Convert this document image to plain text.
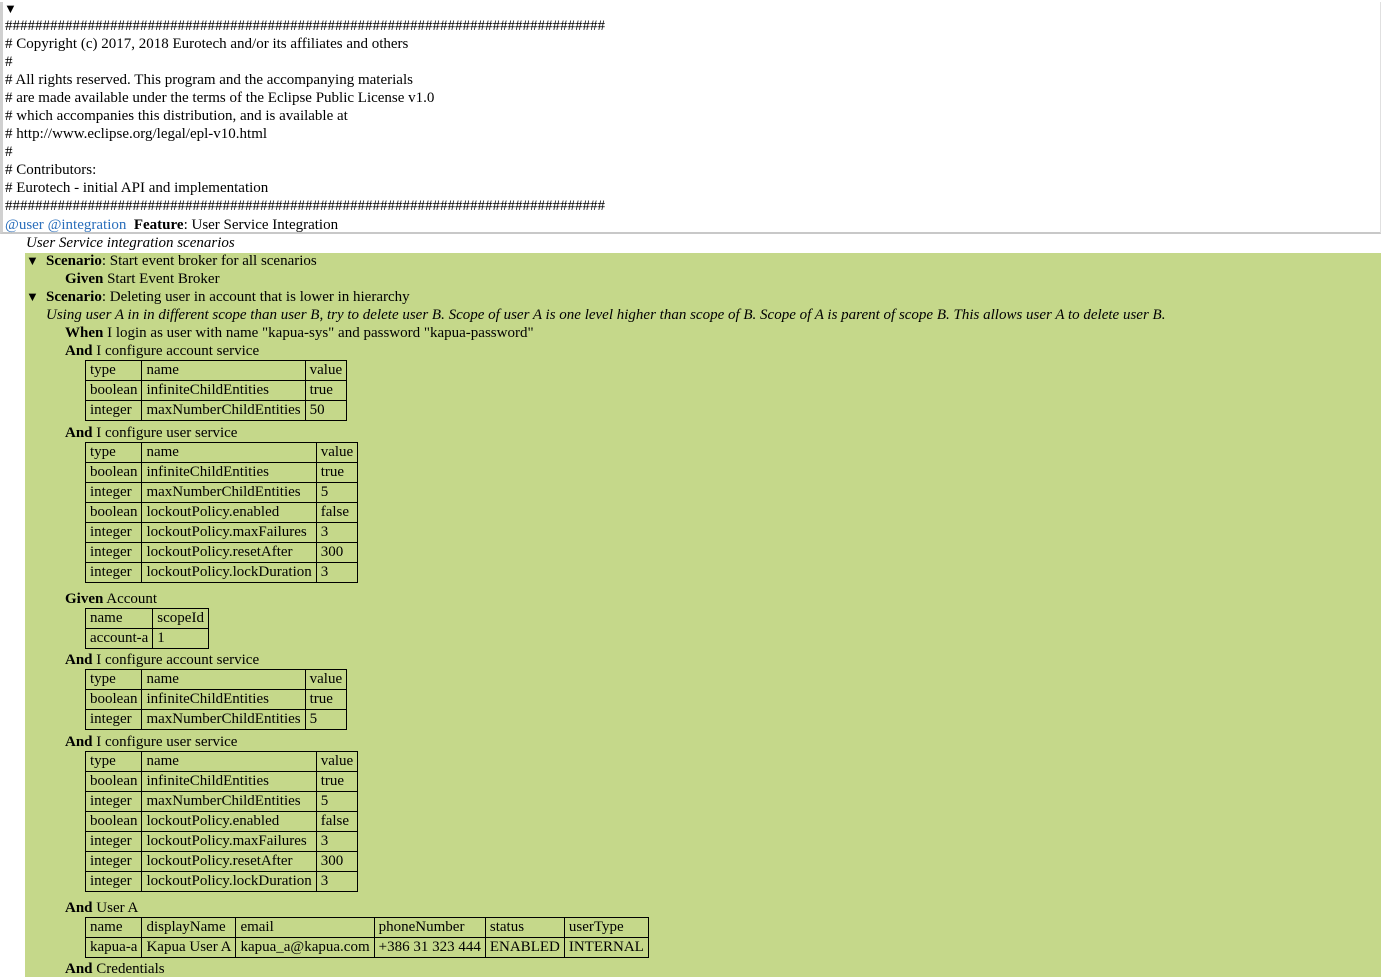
▼
################################################################################
# Copyright (c) 2017, 2018 Eurotech and/or its affiliates and others
#
# All rights reserved. This program and the accompanying materials
# are made available under the terms of the Eclipse Public License v1.0
# which accompanies this distribution, and is available at
# http://www.eclipse.org/legal/epl-v10.html
#
# Contributors:
# Eurotech - initial API and implementation
################################################################################
@user @integration Feature: User Service Integration
User Service integration scenarios
▼ Scenario: Start event broker for all scenarios
Given Start Event Broker
▼ Scenario: Deleting user in account that is lower in hierarchy
Using user A in in different scope than user B, try to delete user B. Scope of user A is one level higher than scope of B. Scope of A is parent of scope B. This allows user A to delete user B.
When I login as user with name "kapua-sys" and password "kapua-password"
And I configure account service
type	name	value
boolean	infiniteChildEntities	true
integer	maxNumberChildEntities	50
And I configure user service
type	name	value
boolean	infiniteChildEntities	true
integer	maxNumberChildEntities	5
boolean	lockoutPolicy.enabled	false
integer	lockoutPolicy.maxFailures	3
integer	lockoutPolicy.resetAfter	300
integer	lockoutPolicy.lockDuration	3
Given Account
name	scopeId
account-a	1
And I configure account service
type	name	value
boolean	infiniteChildEntities	true
integer	maxNumberChildEntities	5
And I configure user service
type	name	value
boolean	infiniteChildEntities	true
integer	maxNumberChildEntities	5
boolean	lockoutPolicy.enabled	false
integer	lockoutPolicy.maxFailures	3
integer	lockoutPolicy.resetAfter	300
integer	lockoutPolicy.lockDuration	3
And User A
name	displayName	email	phoneNumber	status	userType
kapua-a	Kapua User A	kapua_a@kapua.com	+386 31 323 444	ENABLED	INTERNAL
And Credentials
